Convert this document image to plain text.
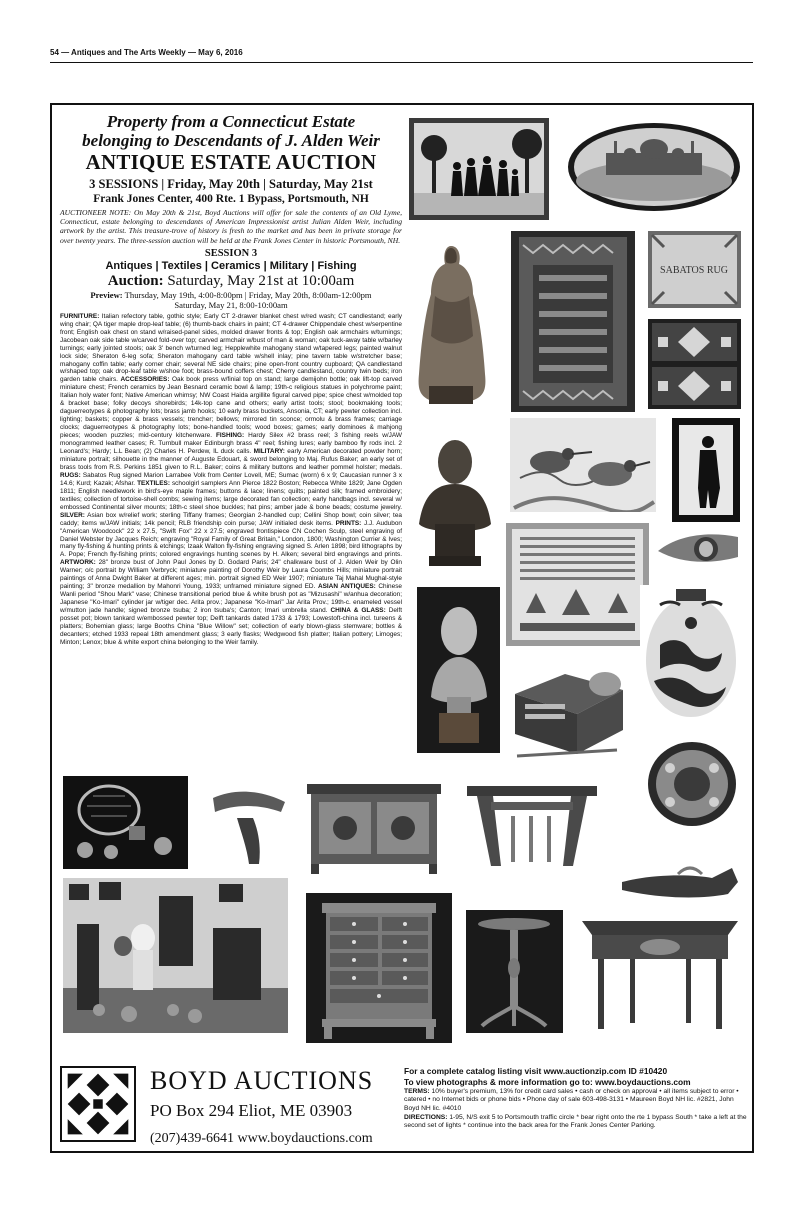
54 — Antiques and The Arts Weekly — May 6, 2016
Property from a Connecticut Estate
belonging to Descendants of J. Alden Weir
ANTIQUE ESTATE AUCTION
3 SESSIONS | Friday, May 20th | Saturday, May 21st
Frank Jones Center, 400 Rte. 1 Bypass, Portsmouth, NH
AUCTIONEER NOTE: On May 20th & 21st, Boyd Auctions will offer for sale the contents of an Old Lyme, Connecticut, estate belonging to descendants of American Impressionist artist Julian Alden Weir, including artwork by the artist. This treasure-trove of history is fresh to the market and has been in private storage for over twenty years. The three-session auction will be held at the Frank Jones Center in historic Portsmouth, NH.
SESSION 3
Antiques | Textiles | Ceramics | Military | Fishing
Auction: Saturday, May 21st at 10:00am
Preview: Thursday, May 19th, 4:00-8:00pm | Friday, May 20th, 8:00am-12:00pm
Saturday, May 21, 8:00-10:00am
FURNITURE: Italian refectory table, gothic style; Early CT 2-drawer blanket chest w/red wash; CT candlestand; early wing chair; QA tiger maple drop-leaf table; (6) thumb-back chairs in paint; CT 4-drawer Chippendale chest w/serpentine front; English oak chest on stand w/raised-panel sides, molded drawer fronts & top; English oak armchairs w/turnings; Jacobean oak side table w/carved fold-over top; carved armchair w/bust of man & woman; oak tuck-away table w/barley turnings; early jointed stools; oak 3' bench w/turned leg; Hepplewhite mahogany stand w/tapered legs; painted walnut lock side; Sheraton 6-leg sofa; Sheraton mahogany card table w/shell inlay; pine tavern table w/stretcher base; mahogany coffin table; early corner chair; several NE side chairs; pine open-front country cupboard; QA candlestand w/shaped top; oak drop-leaf table w/shoe foot; brass-bound coffers chest; Cherry candlestand, country twin beds; iron garden table chairs. ACCESSORIES: Oak book press w/finial top on stand; large demijohn bottle; oak lift-top carved miniature chest; French ceramics by Jean Besnard ceramic bowl & lamp; 19th-c religious statues in polychrome paint; Italian holy water font; Native American whimsy; NW Coast Haida argillite figural carved pipe; spice chest w/molded top & bracket base; folky decoys shorebirds; 14k-top cane and others; early artist tools; stool; bookmaking tools; daguerreotypes & photography lots; brass jamb hooks; 10 early brass buckets, Ansonia, CT; early pewter collection incl. lighting; baskets; copper & brass vessels; trencher; bellows; mirrored tin sconce; ormolu & brass frames; carriage clocks; daguerreotypes & photography lots; bone-handled tools; wood boxes; games; early dominoes & mahjong pieces; wooden puzzles; mid-century kitchenware. FISHING: Hardy Silex #2 brass reel; 3 fishing reels w/JAW monogrammed leather cases; R. Turnbull maker Edinburgh brass 4" reel; fishing lures; early bamboo fly rods incl. 2 Leonard's; Hardy; L.L Bean; (2) Charles H. Perdew, IL duck calls. MILITARY: early American decorated powder horn; miniature portrait; silhouette in the manner of Auguste Edouart, & sword belonging to Maj. Rufus Baker; an early set of brass tools from R.S. Perkins 1851 given to R.L. Baker; coins & military buttons and leather pommel holster; medals. RUGS: Sabatos Rug signed Marion Larrabee Volk from Center Lovell, ME; Sumac (worn) 6 x 9; Caucasian runner 3 x 14.6; Kurd; Kazak; Afshar. TEXTILES: schoolgirl samplers Ann Pierce 1822 Boston; Rebecca White 1829; Jane Ogden 1811; English needlework in bird's-eye maple frames; buttons & lace; linens; quilts; painted silk; framed embroidery; textiles; collection of tortoise-shell combs; sewing items; large decorated fan collection; early handbags incl. several w/ embossed Continental silver mounts; 18th-c steel shoe buckles; hat pins; amber jade & bone beads; costume jewelry. SILVER: Asian box w/relief work; sterling Tiffany frames; Georgian 2-handled cup; Cellini Shop bowl; coin silver; tea caddy; items w/JAW initials; 14k pencil; RLB friendship coin purse; JAW initialed desk items. PRINTS: J.J. Audubon "American Woodcock" 22 x 27.5, "Swift Fox" 22 x 27.5; engraved frontispiece CN Cochen Sculp, steel engraving of Daniel Webster by Jacques Reich; engraving "Royal Family of Great Britain," London, 1800; Washington Currier & Ives; many fly-fishing & hunting prints & etchings; Izaak Walton fly-fishing engraving signed S. Arlen 1898; bird lithographs by A. Pope; French fly-fishing prints; colored engravings hunting scenes by H. Alken; several bird engravings and prints. ARTWORK: 28" bronze bust of John Paul Jones by D. Godard Paris; 24" chalkware bust of J. Alden Weir by Olin Warner; o/c portrait by William Verbryck; miniature painting of Dorothy Weir by Laura Coombs Hills; miniature portrait paintings of Anna Dwight Baker at different ages; min. portrait signed ED Weir 1907; miniature Taj Mahal Mughal-style painting; 3" bronze medallion by Mahonri Young, 1933; unframed miniature signed ED. ASIAN ANTIQUES: Chinese Wanli period "Shou Mark" vase; Chinese transitional period blue & white brush pot as "Mizusashi" w/anhua decoration; Japanese "Ko-Imari" cylinder jar w/tiger dec. Arita prov.; Japanese "Ko-Imari" Jar Arita Prov.; 19th-c. enameled vessel w/mutton jade handle; signed bronze tsuba; 2 iron tsuba's; Canton; Imari umbrella stand. CHINA & GLASS: Delft posset pot; blown tankard w/embossed pewter top; Delft tankards dated 1733 & 1793; Lowestoft-china incl. tureens & platters; Bohemian glass; large Booths China "Blue Willow" set; collection of early blown-glass stemware; bottles & decanters; etched 1933 repeal 18th amendment glass; 3 early flasks; Wedgwood fish platter; Italian pottery; Limoges; Minton; Lenox; blue & white export china belonging to the Weir family.
SABATOS RUG
BOYD AUCTIONS
PO Box 294 Eliot, ME 03903
(207)439-6641 www.boydauctions.com
For a complete catalog listing visit www.auctionzip.com ID #10420
To view photographs & more information go to: www.boydauctions.com
TERMS: 10% buyer's premium, 13% for credit card sales • cash or check on approval • all items subject to error • catered • no Internet bids or phone bids • Phone day of sale 603-498-3131 • Maureen Boyd NH lic. #2821, John Boyd NH lic. #4010
DIRECTIONS: 1-95, N/S exit 5 to Portsmouth traffic circle * bear right onto the rte 1 bypass South * take a left at the second set of lights * continue into the back area for the Frank Jones Center Parking.
